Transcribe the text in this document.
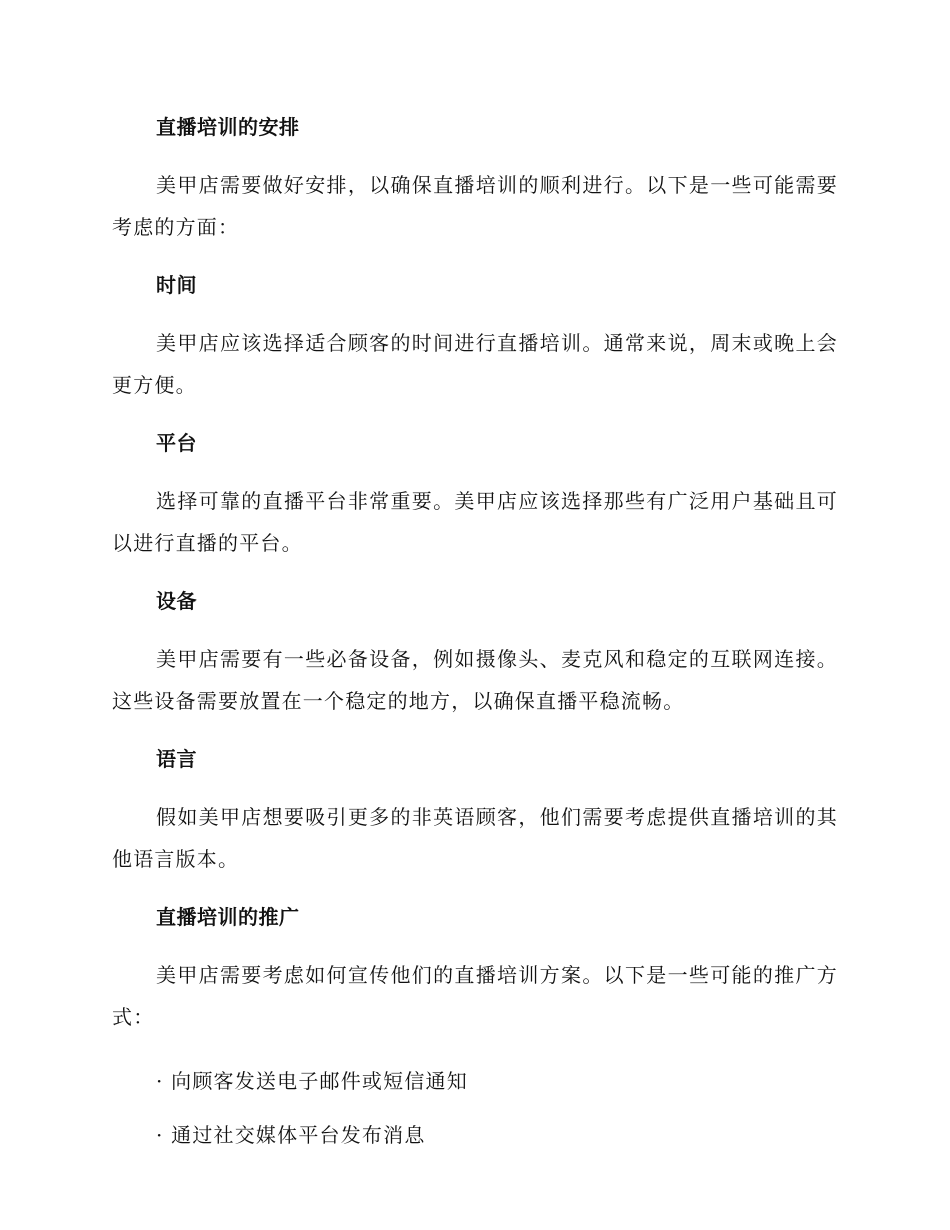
直播培训的安排

美甲店需要做好安排，以确保直播培训的顺利进行。以下是一些可能需要考虑的方面：

时间

美甲店应该选择适合顾客的时间进行直播培训。通常来说，周末或晚上会更方便。

平台

选择可靠的直播平台非常重要。美甲店应该选择那些有广泛用户基础且可以进行直播的平台。

设备

美甲店需要有一些必备设备，例如摄像头、麦克风和稳定的互联网连接。这些设备需要放置在一个稳定的地方，以确保直播平稳流畅。

语言

假如美甲店想要吸引更多的非英语顾客，他们需要考虑提供直播培训的其他语言版本。

直播培训的推广

美甲店需要考虑如何宣传他们的直播培训方案。以下是一些可能的推广方式：

· 向顾客发送电子邮件或短信通知

· 通过社交媒体平台发布消息
